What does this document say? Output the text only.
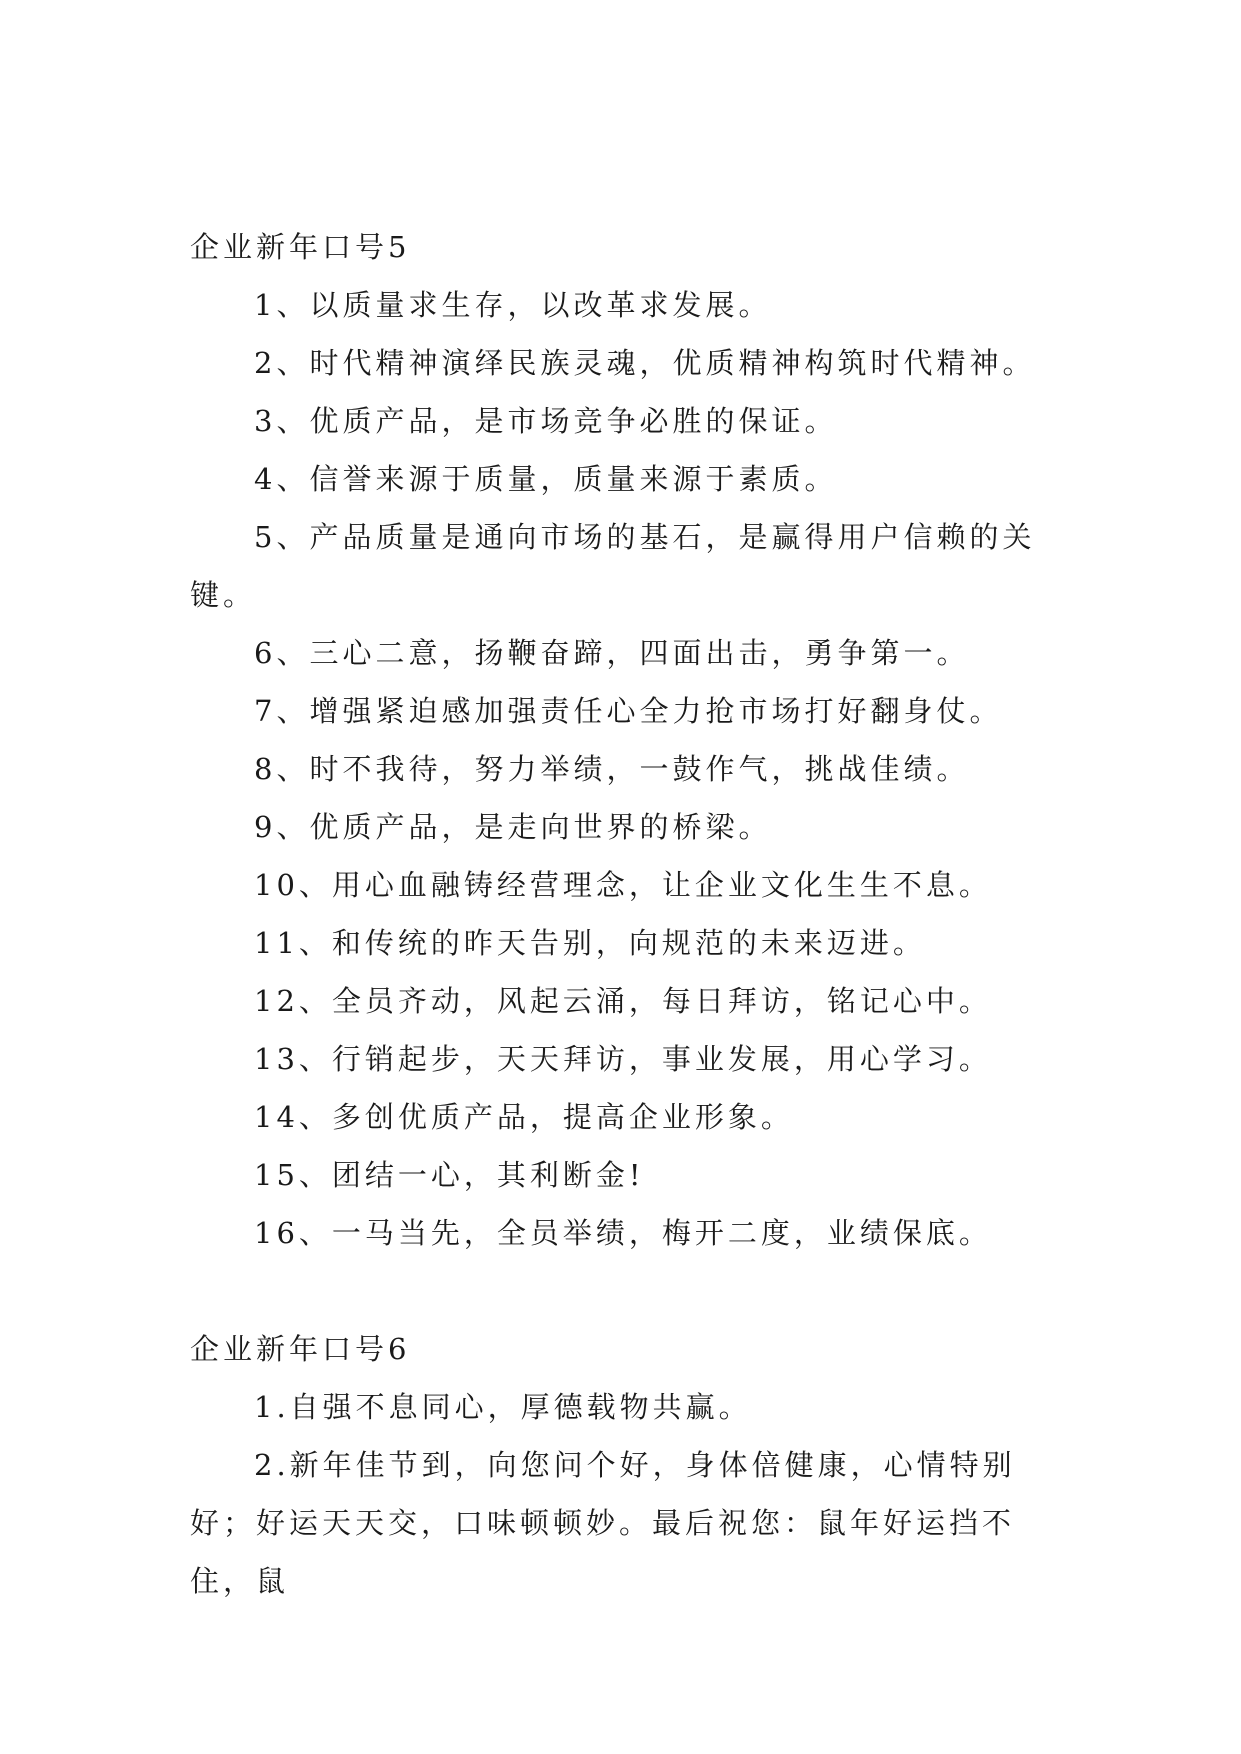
企业新年口号5
1、以质量求生存，以改革求发展。
2、时代精神演绎民族灵魂，优质精神构筑时代精神。
3、优质产品，是市场竞争必胜的保证。
4、信誉来源于质量，质量来源于素质。
5、产品质量是通向市场的基石，是赢得用户信赖的关键。
6、三心二意，扬鞭奋蹄，四面出击，勇争第一。
7、增强紧迫感加强责任心全力抢市场打好翻身仗。
8、时不我待，努力举绩，一鼓作气，挑战佳绩。
9、优质产品，是走向世界的桥梁。
10、用心血融铸经营理念，让企业文化生生不息。
11、和传统的昨天告别，向规范的未来迈进。
12、全员齐动，风起云涌，每日拜访，铭记心中。
13、行销起步，天天拜访，事业发展，用心学习。
14、多创优质产品，提高企业形象。
15、团结一心，其利断金!
16、一马当先，全员举绩，梅开二度，业绩保底。
企业新年口号6
1.自强不息同心，厚德载物共赢。
2.新年佳节到，向您问个好，身体倍健康，心情特别好；好运天天交，口味顿顿妙。最后祝您：鼠年好运挡不住，鼠
